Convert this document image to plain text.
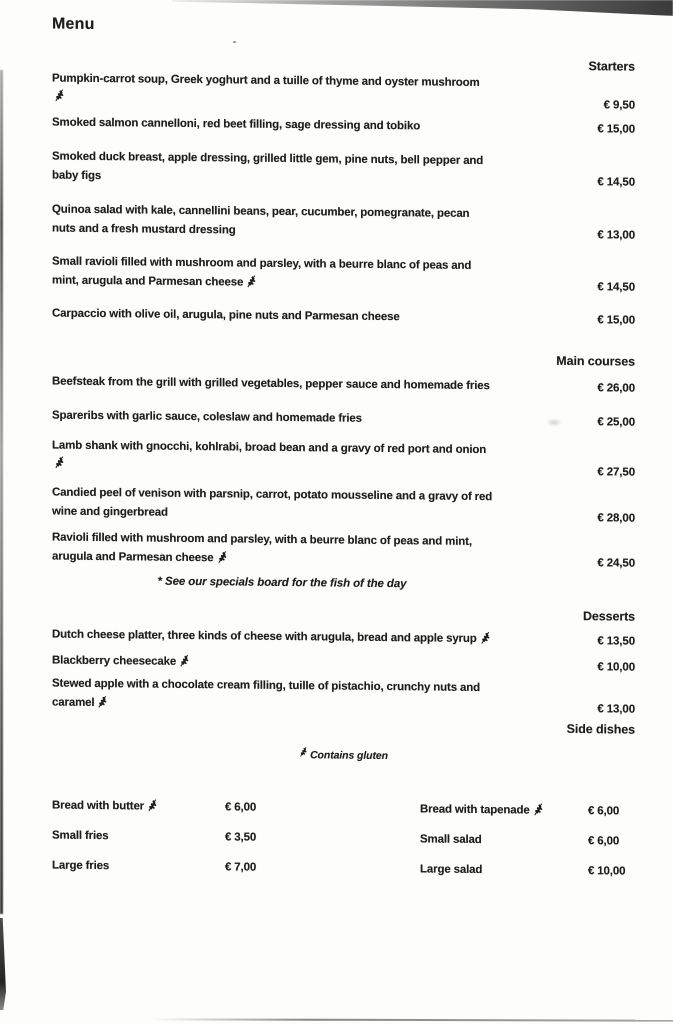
Menu
Starters
Pumpkin-carrot soup, Greek yoghurt and a tuille of thyme and oyster mushroom

€ 9,50
Smoked salmon cannelloni, red beet filling, sage dressing and tobiko	€ 15,00
Smoked duck breast, apple dressing, grilled little gem, pine nuts, bell pepper and
baby figs
€ 14,50
Quinoa salad with kale, cannellini beans, pear, cucumber, pomegranate, pecan
nuts and a fresh mustard dressing	€ 13,00
Small ravioli filled with mushroom and parsley, with a beurre blanc of peas and
mint, arugula and Parmesan cheese	€ 14,50
Carpaccio with olive oil, arugula, pine nuts and Parmesan cheese	€ 15,00
Main courses
Beefsteak from the grill with grilled vegetables, pepper sauce and homemade fries	€ 26,00
Spareribs with garlic sauce, coleslaw and homemade fries	€ 25,00
Lamb shank with gnocchi, kohlrabi, broad bean and a gravy of red port and onion

€ 27,50
Candied peel of venison with parsnip, carrot, potato mousseline and a gravy of red
wine and gingerbread	€ 28,00
Ravioli filled with mushroom and parsley, with a beurre blanc of peas and mint,
arugula and Parmesan cheese	€ 24,50
* See our specials board for the fish of the day
Desserts
Dutch cheese platter, three kinds of cheese with arugula, bread and apple syrup	€ 13,50
Blackberry cheesecake	€ 10,00
Stewed apple with a chocolate cream filling, tuille of pistachio, crunchy nuts and
caramel
€ 13,00
Side dishes
Contains gluten
Bread with butter	€ 6,00	Bread with tapenade	€ 6,00
Small fries	€ 3,50	Small salad	€ 6,00
Large fries	€ 7,00	Large salad	€ 10,00
